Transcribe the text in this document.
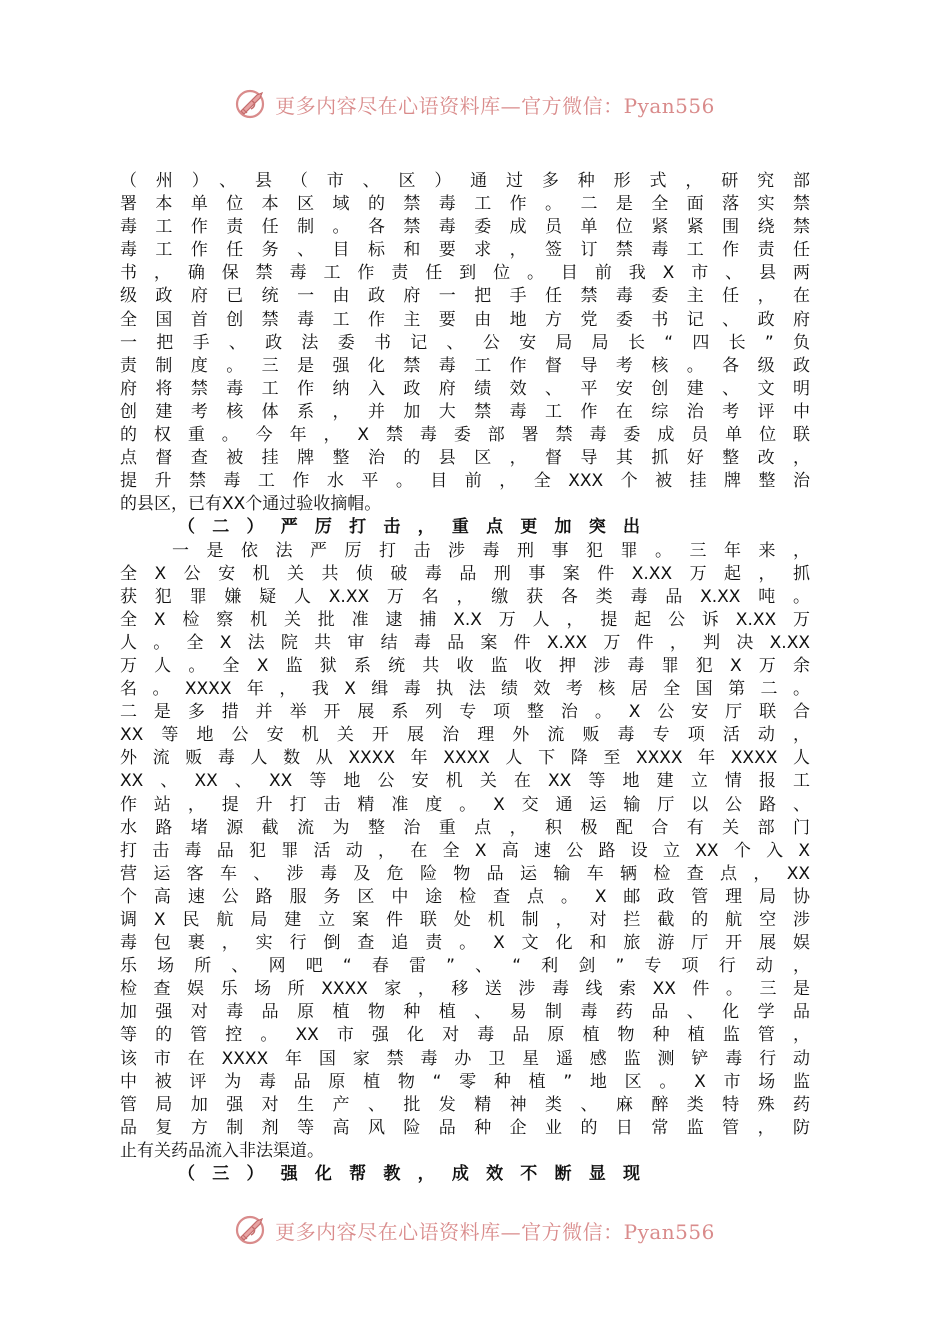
更多内容尽在心语资料库—官方微信：Pyan556
（州）、县（市、区）通过多种形式，研究部
署本单位本区域的禁毒工作。二是全面落实禁
毒工作责任制。各禁毒委成员单位紧紧围绕禁
毒工作任务、目标和要求，签订禁毒工作责任
书，确保禁毒工作责任到位。目前我X市、县两
级政府已统一由政府一把手任禁毒委主任，在
全国首创禁毒工作主要由地方党委书记、政府
一把手、政法委书记、公安局局长“四长”负
责制度。三是强化禁毒工作督导考核。各级政
府将禁毒工作纳入政府绩效、平安创建、文明
创建考核体系，并加大禁毒工作在综治考评中
的权重。今年，X禁毒委部署禁毒委成员单位联
点督查被挂牌整治的县区，督导其抓好整改，
提升禁毒工作水平。目前，全XXX个被挂牌整治
的县区，已有XX个通过验收摘帽。
（二）严厉打击，重点更加突出
一是依法严厉打击涉毒刑事犯罪。三年来，
全X公安机关共侦破毒品刑事案件X.XX万起，抓
获犯罪嫌疑人X.XX万名，缴获各类毒品X.XX吨。
全X检察机关批准逮捕X.X万人，提起公诉X.XX万
人。全X法院共审结毒品案件X.XX万件，判决X.XX
万人。全X监狱系统共收监收押涉毒罪犯X万余
名。XXXX年，我X缉毒执法绩效考核居全国第二。
二是多措并举开展系列专项整治。X公安厅联合
XX等地公安机关开展治理外流贩毒专项活动，
外流贩毒人数从XXXX年XXXX人下降至XXXX年XXXX人
XX、XX、XX等地公安机关在XX等地建立情报工
作站，提升打击精准度。X交通运输厅以公路、
水路堵源截流为整治重点，积极配合有关部门
打击毒品犯罪活动，在全X高速公路设立XX个入X
营运客车、涉毒及危险物品运输车辆检查点，XX
个高速公路服务区中途检查点。X邮政管理局协
调X民航局建立案件联处机制，对拦截的航空涉
毒包裹，实行倒查追责。X文化和旅游厅开展娱
乐场所、网吧“春雷”、“利剑”专项行动，
检查娱乐场所XXXX家，移送涉毒线索XX件。三是
加强对毒品原植物种植、易制毒药品、化学品
等的管控。XX市强化对毒品原植物种植监管，
该市在XXXX年国家禁毒办卫星遥感监测铲毒行动
中被评为毒品原植物“零种植”地区。X市场监
管局加强对生产、批发精神类、麻醉类特殊药
品复方制剂等高风险品种企业的日常监管，防
止有关药品流入非法渠道。
（三）强化帮教，成效不断显现
更多内容尽在心语资料库—官方微信：Pyan556
